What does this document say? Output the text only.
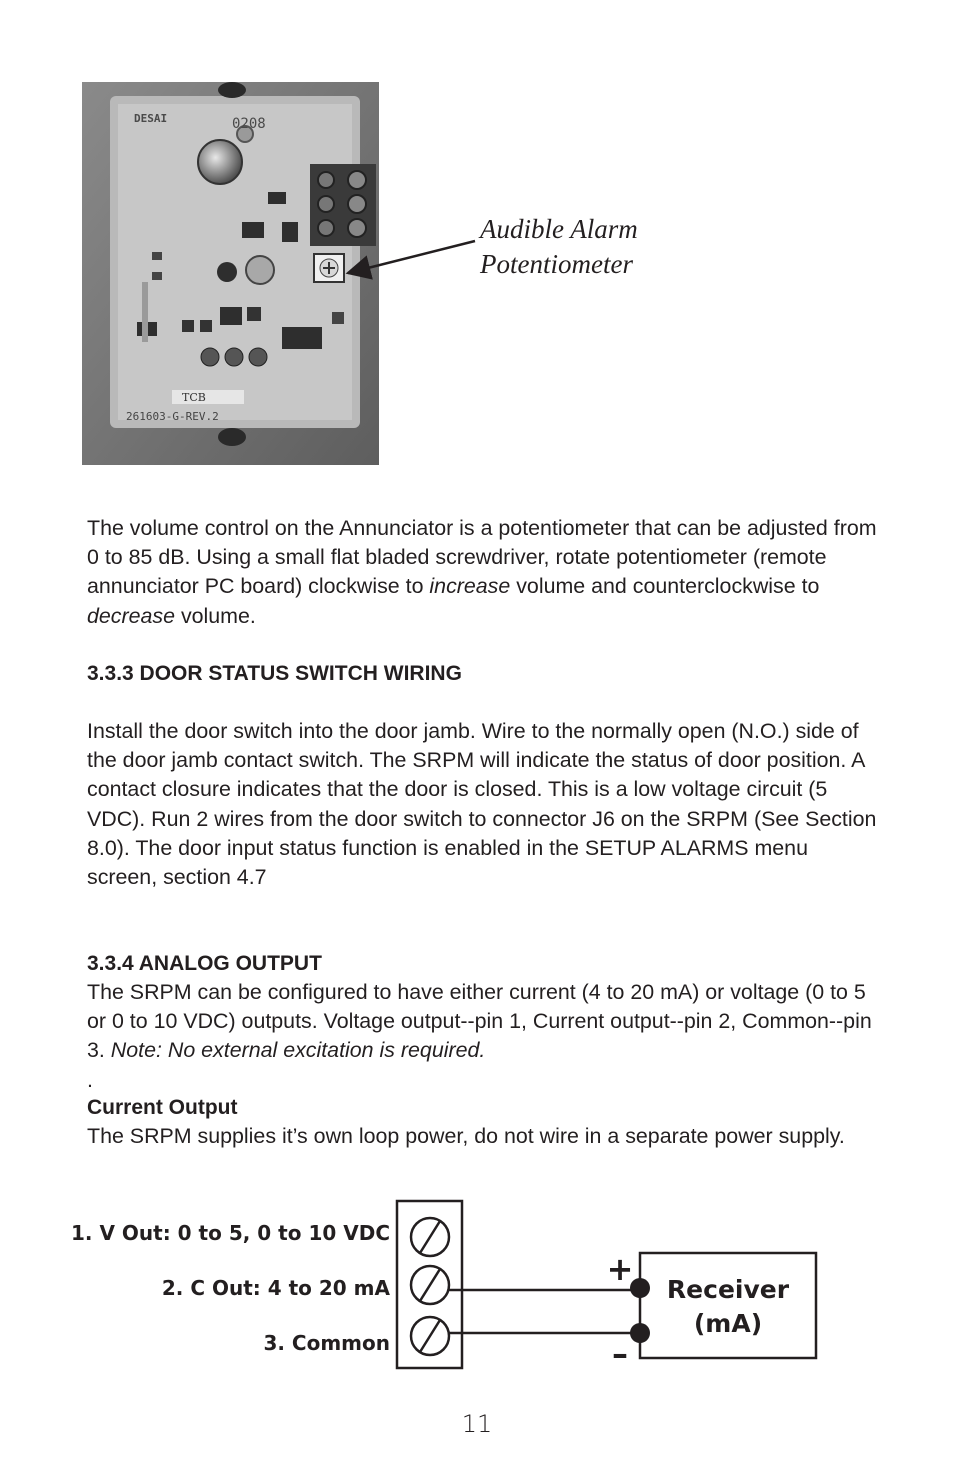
DESAI	0208
TCB
261603-G-REV.2
Audible Alarm
Potentiometer

The volume control on the Annunciator is a potentiometer that can be adjusted from 0 to 85 dB. Using a small flat bladed screwdriver, rotate potentiometer (remote annunciator PC board) clockwise to increase volume and counterclockwise to decrease volume.

3.3.3 DOOR STATUS SWITCH WIRING

Install the door switch into the door jamb. Wire to the normally open (N.O.) side of the door jamb contact switch. The SRPM will indicate the status of door position. A contact closure indicates that the door is closed. This is a low voltage circuit (5 VDC). Run 2 wires from the door switch to connector J6 on the SRPM (See Section 8.0). The door input status function is enabled in the SETUP ALARMS menu screen, section 4.7

3.3.4 ANALOG OUTPUT

The SRPM can be configured to have either current (4 to 20 mA) or voltage (0 to 5 or 0 to 10 VDC) outputs. Voltage output--pin 1, Current output--pin 2, Common--pin 3. Note: No external excitation is required.

.

Current Output

The SRPM supplies it’s own loop power, do not wire in a separate power supply.

1. V Out: 0 to 5, 0 to 10 VDC
2. C Out: 4 to 20 mA
3. Common
+
–
Receiver
(mA)
11
